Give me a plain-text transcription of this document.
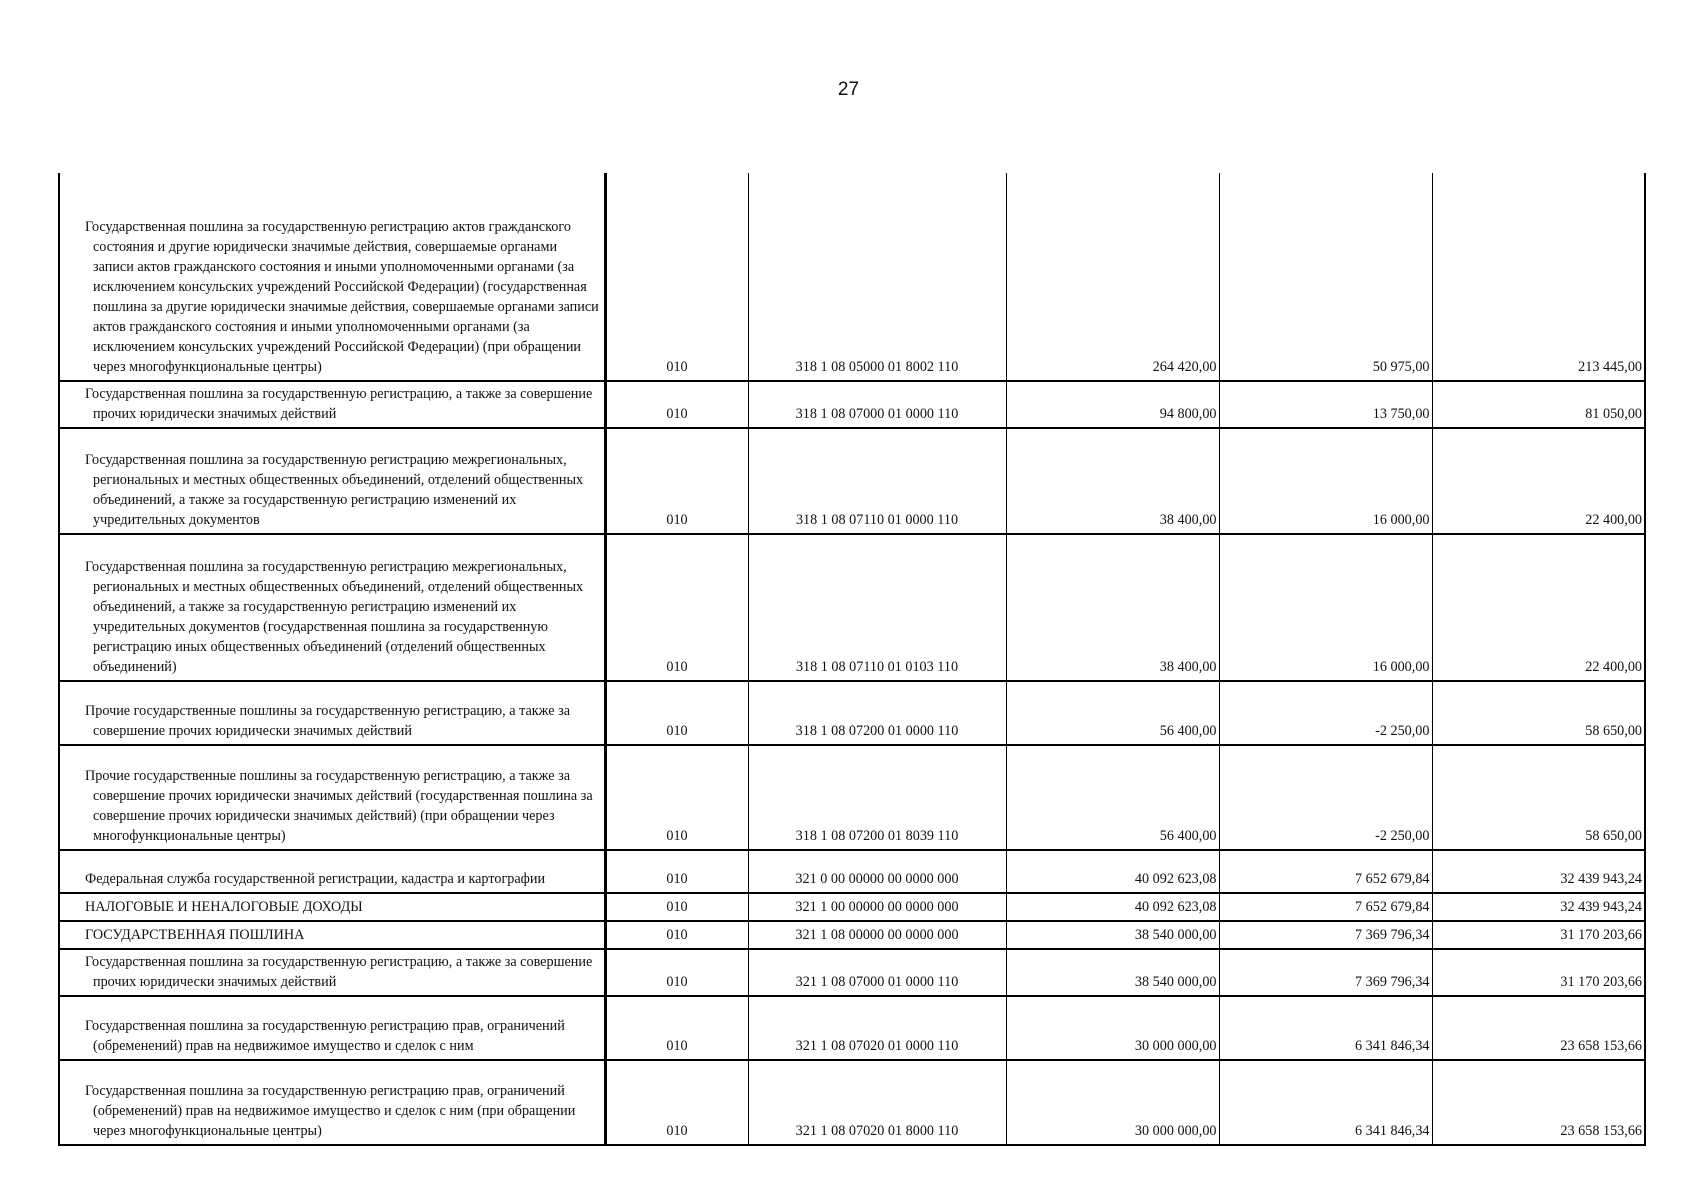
27
Государственная пошлина за государственную регистрацию актов гражданского состояния и другие юридически значимые действия, совершаемые органами записи актов гражданского состояния и иными уполномоченными органами (за исключением консульских учреждений Российской Федерации) (государственная пошлина за другие юридически значимые действия, совершаемые органами записи актов гражданского состояния и иными уполномоченными органами (за исключением консульских учреждений Российской Федерации) (при обращении через многофункциональные центры)	010	318 1 08 05000 01 8002 110	264 420,00	50 975,00	213 445,00
Государственная пошлина за государственную регистрацию, а также за совершение прочих юридически значимых действий	010	318 1 08 07000 01 0000 110	94 800,00	13 750,00	81 050,00
Государственная пошлина за государственную регистрацию межрегиональных, региональных и местных общественных объединений, отделений общественных объединений, а также за государственную регистрацию изменений их учредительных документов	010	318 1 08 07110 01 0000 110	38 400,00	16 000,00	22 400,00
Государственная пошлина за государственную регистрацию межрегиональных, региональных и местных общественных объединений, отделений общественных объединений, а также за государственную регистрацию изменений их учредительных документов (государственная пошлина за государственную регистрацию иных общественных объединений (отделений общественных объединений)	010	318 1 08 07110 01 0103 110	38 400,00	16 000,00	22 400,00
Прочие государственные пошлины за государственную регистрацию, а также за совершение прочих юридически значимых действий	010	318 1 08 07200 01 0000 110	56 400,00	-2 250,00	58 650,00
Прочие государственные пошлины за государственную регистрацию, а также за совершение прочих юридически значимых действий (государственная пошлина за совершение прочих юридически значимых действий) (при обращении через многофункциональные центры)	010	318 1 08 07200 01 8039 110	56 400,00	-2 250,00	58 650,00
Федеральная служба государственной регистрации, кадастра и картографии	010	321 0 00 00000 00 0000 000	40 092 623,08	7 652 679,84	32 439 943,24
НАЛОГОВЫЕ И НЕНАЛОГОВЫЕ ДОХОДЫ	010	321 1 00 00000 00 0000 000	40 092 623,08	7 652 679,84	32 439 943,24
ГОСУДАРСТВЕННАЯ ПОШЛИНА	010	321 1 08 00000 00 0000 000	38 540 000,00	7 369 796,34	31 170 203,66
Государственная пошлина за государственную регистрацию, а также за совершение прочих юридически значимых действий	010	321 1 08 07000 01 0000 110	38 540 000,00	7 369 796,34	31 170 203,66
Государственная пошлина за государственную регистрацию прав, ограничений (обременений) прав на недвижимое имущество и сделок с ним	010	321 1 08 07020 01 0000 110	30 000 000,00	6 341 846,34	23 658 153,66
Государственная пошлина за государственную регистрацию прав, ограничений (обременений) прав на недвижимое имущество и сделок с ним (при обращении через многофункциональные центры)	010	321 1 08 07020 01 8000 110	30 000 000,00	6 341 846,34	23 658 153,66
